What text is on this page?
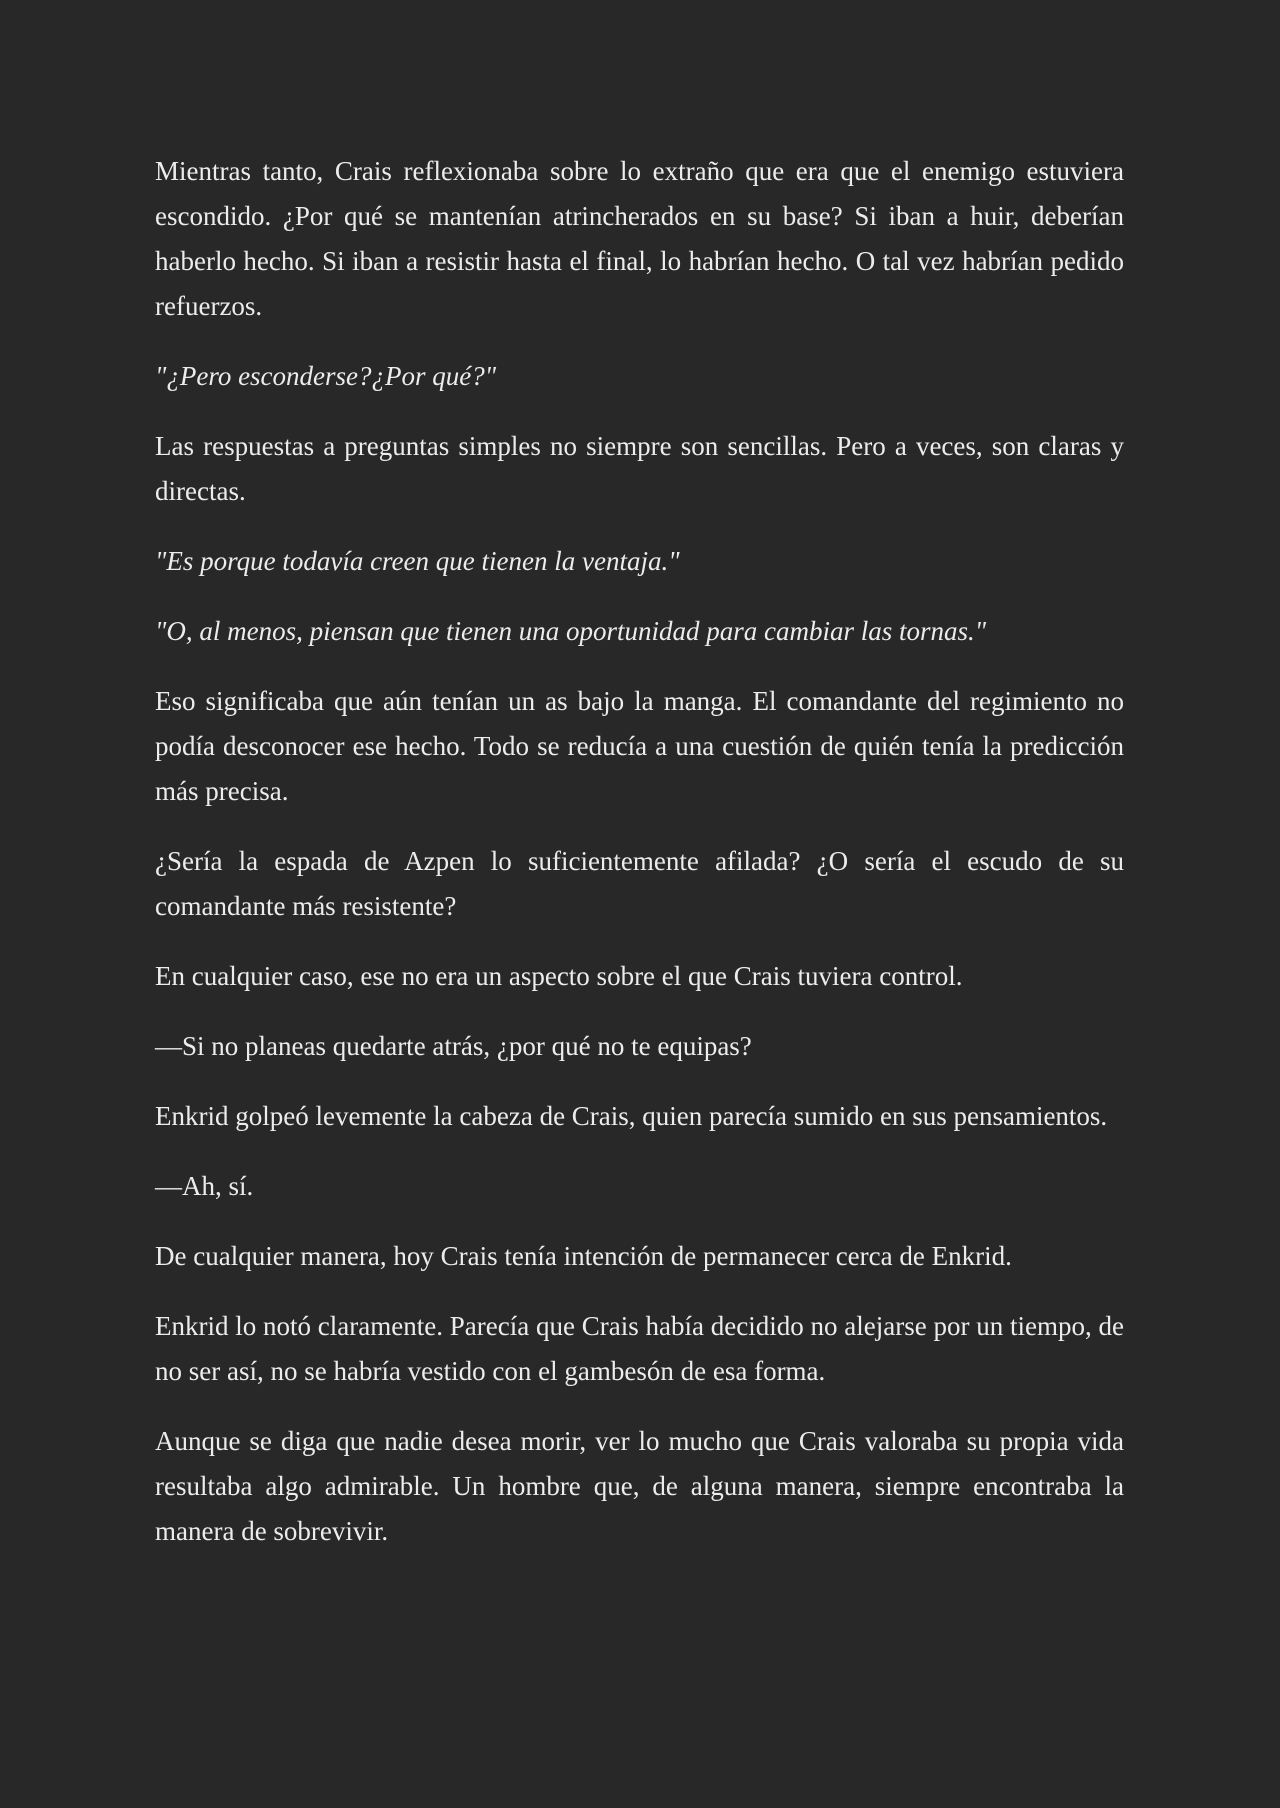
Mientras tanto, Crais reflexionaba sobre lo extraño que era que el enemigo estuviera escondido. ¿Por qué se mantenían atrincherados en su base? Si iban a huir, deberían haberlo hecho. Si iban a resistir hasta el final, lo habrían hecho. O tal vez habrían pedido refuerzos.

"¿Pero esconderse?¿Por qué?"

Las respuestas a preguntas simples no siempre son sencillas. Pero a veces, son claras y directas.

"Es porque todavía creen que tienen la ventaja."

"O, al menos, piensan que tienen una oportunidad para cambiar las tornas."

Eso significaba que aún tenían un as bajo la manga. El comandante del regimiento no podía desconocer ese hecho. Todo se reducía a una cuestión de quién tenía la predicción más precisa.

¿Sería la espada de Azpen lo suficientemente afilada? ¿O sería el escudo de su comandante más resistente?

En cualquier caso, ese no era un aspecto sobre el que Crais tuviera control.

—Si no planeas quedarte atrás, ¿por qué no te equipas?

Enkrid golpeó levemente la cabeza de Crais, quien parecía sumido en sus pensamientos.

—Ah, sí.

De cualquier manera, hoy Crais tenía intención de permanecer cerca de Enkrid.

Enkrid lo notó claramente. Parecía que Crais había decidido no alejarse por un tiempo, de no ser así, no se habría vestido con el gambesón de esa forma.

Aunque se diga que nadie desea morir, ver lo mucho que Crais valoraba su propia vida resultaba algo admirable. Un hombre que, de alguna manera, siempre encontraba la manera de sobrevivir.
